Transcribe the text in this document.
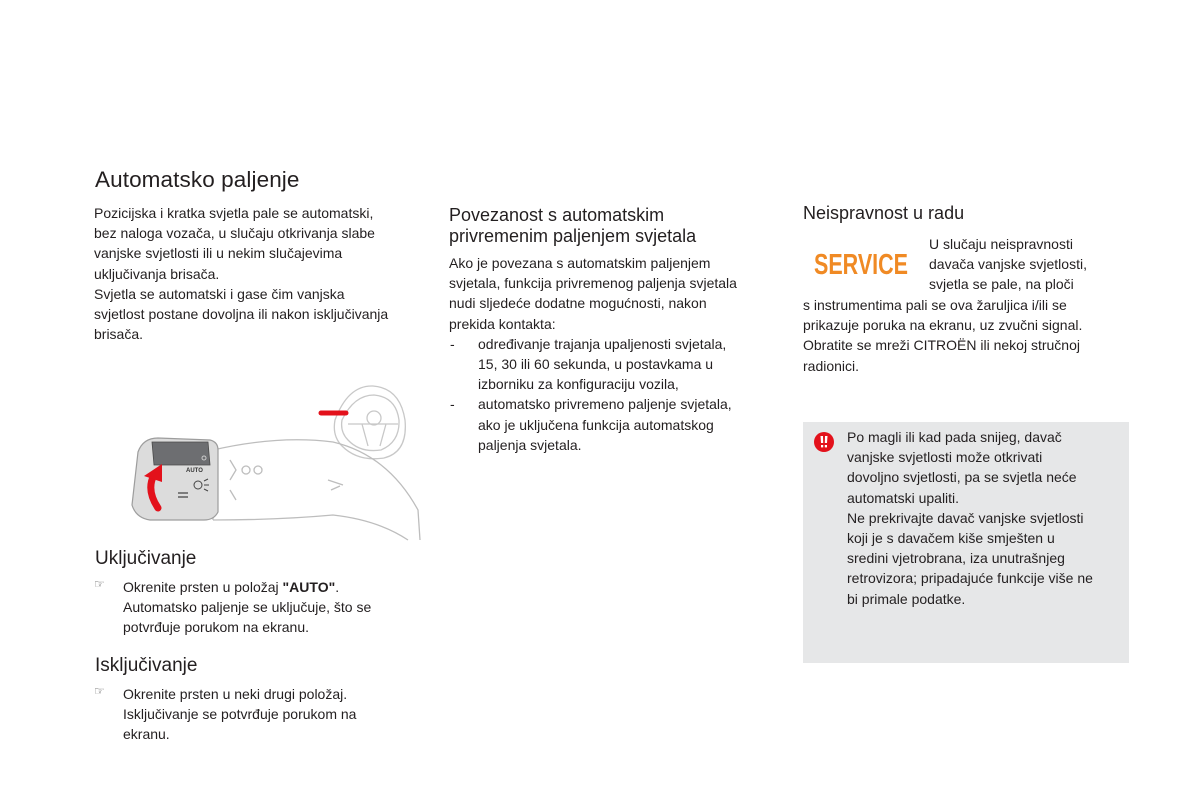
Automatsko paljenje

Pozicijska i kratka svjetla pale se automatski,

bez naloga vozača, u slučaju otkrivanja slabe

vanjske svjetlosti ili u nekim slučajevima

uključivanja brisača.

Svjetla se automatski i gase čim vanjska

svjetlost postane dovoljna ili nakon isključivanja

brisača.

AUTO
Uključivanje
☞ Okrenite prsten u položaj "AUTO".

Automatsko paljenje se uključuje, što se

potvrđuje porukom na ekranu.

Isključivanje
☞ Okrenite prsten u neki drugi položaj.

Isključivanje se potvrđuje porukom na

ekranu.

Povezanost s automatskim
privremenim paljenjem svjetala

Ako je povezana s automatskim paljenjem

svjetala, funkcija privremenog paljenja svjetala

nudi sljedeće dodatne mogućnosti, nakon

prekida kontakta:

- određivanje trajanja upaljenosti svjetala,

15, 30 ili 60 sekunda, u postavkama u

izborniku za konfiguraciju vozila,

- automatsko privremeno paljenje svjetala,

ako je uključena funkcija automatskog

paljenja svjetala.

Neispravnost u radu
SERVICE

U slučaju neispravnosti

davača vanjske svjetlosti,

svjetla se pale, na ploči

s instrumentima pali se ova žaruljica i/ili se

prikazuje poruka na ekranu, uz zvučni signal.

Obratite se mreži CITROËN ili nekoj stručnoj

radionici.

Po magli ili kad pada snijeg, davač

vanjske svjetlosti može otkrivati

dovoljno svjetlosti, pa se svjetla neće

automatski upaliti.

Ne prekrivajte davač vanjske svjetlosti

koji je s davačem kiše smješten u

sredini vjetrobrana, iza unutrašnjeg

retrovizora; pripadajuće funkcije više ne

bi primale podatke.
